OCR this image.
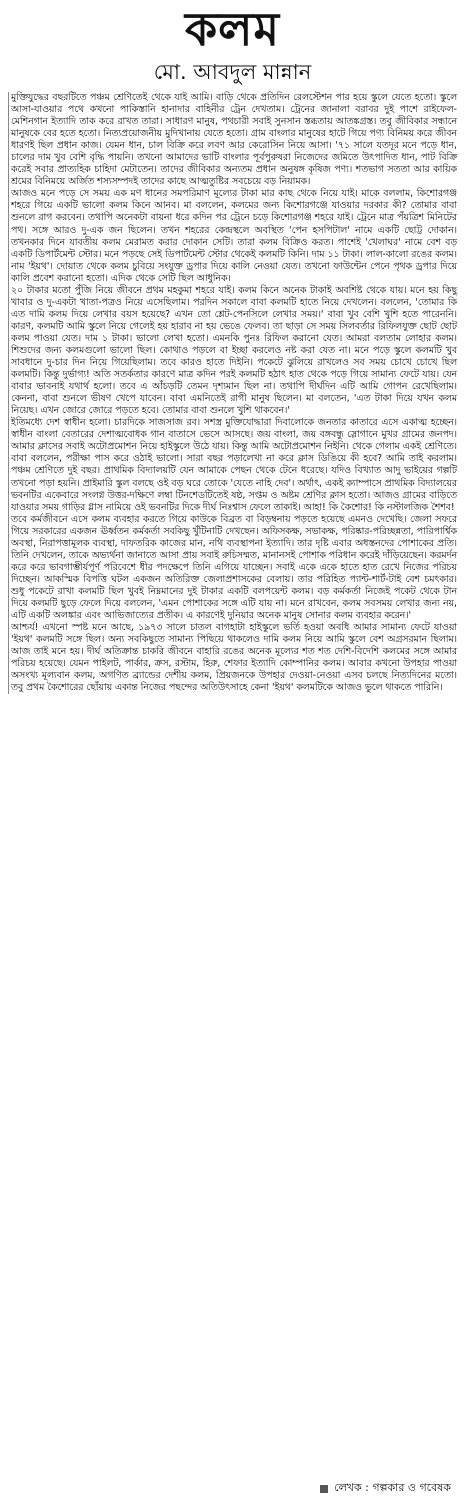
কলম
মো. আবদুল মান্নান

মুক্তিযুদ্ধের বছরটিতে পঞ্চম শ্রেণিতেই থেকে যাই আমি। বাড়ি থেকে প্রতিদিন রেলস্টেশন পার হয়ে স্কুলে যেতে হতো। স্কুলে আসা-যাওয়ার পথে কখনো পাকিস্তানি হানাদার বাহিনীর ট্রেন দেখতাম। ট্রেনের জানালা বরাবর দুই পাশে রাইফেল-মেশিনগান ইত্যাদি তাক করে রাখত তারা। সাধারণ মানুষ, পথচারী সবাই সুনসান স্তব্ধতায় আতঙ্কগ্রস্ত। তবু জীবিকার সন্ধানে মানুষকে বের হতে হতো। নিত্যপ্রয়োজনীয় মুদিখানায় যেতে হতো। গ্রাম বাংলার মানুষের হাটে গিয়ে পণ্য বিনিময় করে জীবন ধারণই ছিল প্রধান কাজ। যেমন ধান, চাল বিক্রি করে লবণ আর কেরোসিন নিয়ে আসা। '৭১ সালে যতদূর মনে পড়ে ধান, চালের দাম খুব বেশি বৃদ্ধি পায়নি। তখনো আমাদের ভাটি বাংলার পূর্বপুরুষরা নিজেদের জমিতে উৎপাদিত ধান, পাট বিক্রি করেই সবার প্রাত্যহিক চাহিদা মেটাতেন। তাদের জীবিকার অন্যতম প্রধান অনুষঙ্গ কৃষিজ পণ্য। শতভাগ সততা আর কায়িক শ্রমের বিনিময়ে অর্জিত শস্যসম্পদই তাদের কাছে আত্মতুষ্টির সবচেয়ে বড় নিয়ামক।

আজও মনে পড়ে সে সময় এক মণ ধানের সমপরিমাণ মূল্যের টাকা মার কাছ থেকে নিয়ে যাই। মাকে বললাম, কিশোরগঞ্জ শহরে গিয়ে একটি ভালো কলম কিনে আনব। মা বললেন, কলমের জন্য কিশোরগঞ্জে যাওয়ার দরকার কী? তোমার বাবা শুনলে রাগ করবেন। তথাপি অনেকটা বায়না ধরে কদিন পর ট্রেনে চড়ে কিশোরগঞ্জ শহরে যাই। ট্রেনে মাত্র পঁয়ত্রিশ মিনিটের পথ। সঙ্গে আরও দু-এক জন ছিলেন। তখন শহরের কেন্দ্রস্থলে অবস্থিত 'পেন হসপিটাল' নামে একটি ছোট্ট দোকান। তখনকার দিনে যাবতীয় কলম মেরামত করার দোকান সেটি। তারা কলম বিক্রিও করত। পাশেই 'খেলাঘর' নামে বেশ বড় একটি ডিপার্টমেন্ট স্টোর। মনে পড়ছে সেই ডিপার্টমেন্ট স্টোর থেকেই কলমটি কিনি। দাম ১১ টাকা। লাল-কালো রঙের কলম। নাম 'ইয়থ'। দোয়াত থেকে কলম চুবিয়ে সংযুক্ত ড্রপার দিয়ে কালি নেওয়া যেত। তখনো ফাউন্টেন পেনে পৃথক ড্রপার দিয়ে কালি প্রবেশ করানো হতো। এদিক থেকে সেটি ছিল আধুনিক।

২০ টাকার মতো পুঁজি নিয়ে জীবনে প্রথম মহকুমা শহরে যাই। কলম কিনে অনেক টাকাই অবশিষ্ট থেকে যায়। মনে হয় কিছু খাবার ও দু-একটা খাতা-পত্রও নিয়ে এসেছিলাম। পরদিন সকালে বাবা কলমটি হাতে নিয়ে দেখলেন। বললেন, 'তোমার কি এত দামি কলম দিয়ে লেখার বয়স হয়েছে? এখন তো শ্লেট-পেনসিলে লেখার সময়।' বাবা খুব বেশি খুশি হতে পারেননি। কারণ, কলমটি আমি স্কুলে নিয়ে গেলেই হয় হারাব না হয় ভেঙে ফেলব। তা ছাড়া সে সময় সিলবর্তার রিফিলযুক্ত ছোট ছোট কলম পাওয়া যেত। দাম ১ টাকা। ভালো লেখা হতো। এমনকি পুনঃ রিফিল করানো যেত। আমরা বলতাম লোহার কলম। শিশুদের জন্য কলমগুলো ভালো ছিল। কোথাও পড়লে বা ইচ্ছা করলেও নষ্ট করা যেত না। মনে পড়ে স্কুলে কলমটি খুব সাবধানে দু-চার দিন নিয়ে গিয়েছিলাম। তবে কারও হাতে দিইনি। পকেটে ঝুলিয়ে রাখলেও সব সময় চোখে চোখে ছিল কলমটি। কিন্তু দুর্ভাগ্য! অতি সতর্কতার কারণে মাত্র কদিন পরই কলমটি হঠাৎ হাত থেকে পড়ে গিয়ে সামান্য ফেটে যায়। যেন বাবার ভাবনাই যথার্থ হলো। তবে এ আঁচড়টি তেমন দৃশ্যমান ছিল না। তথাপি দীর্ঘদিন এটি আমি গোপন রেখেছিলাম। কেননা, বাবা শুনলে ভীষণ খেপে যাবেন। বাবা এমনিতেই রাগী মানুষ ছিলেন। মা বলতেন, 'এত টাকা দিয়ে যখন কলম নিয়েছ। এখন জোরে জোরে পড়তে হবে। তোমার বাবা শুনলে খুশি থাকবেন।'

ইতিমধ্যে দেশ স্বাধীন হলো। চারদিকে সাজসাজ রব। সশস্ত্র মুক্তিযোদ্ধারা দিবালোকে জনতার কাতারে এসে একাত্ম হচ্ছেন। স্বাধীন বাংলা বেতারের দেশাত্মবোধক গান বাতাসে ভেসে আসছে। জয় বাংলা, জয় বঙ্গবন্ধু স্লোগানে মুখর গ্রামের জনপদ। আমার ক্লাসের সবাই অটোপ্রমোশন নিয়ে হাইস্কুলে উঠে যায়। কিন্তু আমি অটোপ্রমোশন নিইনি। থেকে গেলাম একই শ্রেণিতে। বাবা বললেন, পরীক্ষা পাস করে ওঠাই ভালো। সারা বছর পড়ালেখা না করে ক্লাস ডিঙিয়ে কী হবে? আমি তাই করলাম। পঞ্চম শ্রেণিতে দুই বছর। প্রাথমিক বিদ্যালয়টি যেন আমাকে পেছন থেকে টেনে ধরেছে। যদিও বিখ্যাত আদু ভাইয়ের গল্পটি তখনো পড়া হয়নি। প্রাইমারি স্কুল বলছে ওই বড় ঘরে তোকে 'যেতে নাহি দেব'। অর্থাৎ, একই ক্যাম্পাসে প্রাথমিক বিদ্যালয়ের ভবনটির একেবারে সংলগ্ন উত্তর-দক্ষিণে লম্বা টিনশেডটিতেই ষষ্ঠ, সপ্তম ও অষ্টম শ্রেণির ক্লাস হতো। আজও গ্রামের বাড়িতে যাওয়ার সময় গাড়ির গ্লাস নামিয়ে ওই ভবনটির দিকে দীর্ঘ নিঃশ্বাস ফেলে তাকাই। আহা! কি কৈশোর! কি নস্টালজিক শৈশব!

তবে কর্মজীবনে এসে কলম ব্যবহার করতে গিয়ে কাউকে বিব্রত বা বিড়ম্বনায় পড়তে হয়েছে এমনও দেখেছি। জেলা সফরে গিয়ে সরকারের একজন ঊর্ধ্বতন কর্মকর্তা সবকিছু খুঁটিনাটি দেখছেন। অফিসকক্ষ, সভাকক্ষ, পরিষ্কার-পরিচ্ছন্নতা, পারিপার্শ্বিক অবস্থা, নিরাপত্তামূলক ব্যবস্থা, দাফতরিক কাজের মান, নথি ব্যবস্থাপনা ইত্যাদি। তার দৃষ্টি এবার অধস্তনদের পোশাকের প্রতি। তিনি দেখলেন, তাকে অভ্যর্থনা জানাতে আসা প্রায় সবাই রুচিসম্মত, মানানসই পোশাক পরিধান করেই দাঁড়িয়েছেন। করমর্দন করে করে ভাবগাম্ভীর্যপূর্ণ পরিবেশে ধীর পদক্ষেপে তিনি এগিয়ে যাচ্ছেন। সবাই একে একে হাতে হাত রেখে নিজের পরিচয় দিচ্ছেন। আকস্মিক বিপত্তি ঘটল একজন অতিরিক্ত জেলাপ্রশাসকের বেলায়। তার পরিহিত প্যান্ট-শার্ট-টাই বেশ চমৎকার। শুধু পকেটে রাখা কলমটি ছিল খুবই নিম্নমানের দুই টাকার একটি বলপয়েন্ট কলম। বড় কর্মকর্তা নিজেই পকেট থেকে টান দিয়ে কলমটি ছুড়ে ফেলে দিয়ে বললেন, 'এমন পোশাকের সঙ্গে এটি যায় না। মনে রাখবেন, কলম সবসময় লেখার জন্য নয়, এটি একটি অলঙ্কার এবং আভিজাত্যের প্রতীক। এ কারণেই দুনিয়ার অনেক মানুষ সোনার কলম ব্যবহার করেন।'

আশ্চর্য! এখনো স্পষ্ট মনে আছে, ১৯৭৩ সালে চাতল বাগহাটা হাইস্কুলে ভর্তি হওয়া অবধি আমার সামান্য ফেটে যাওয়া 'ইয়থ' কলমটি সঙ্গে ছিল। অন্য সবকিছুতে সামান্য পিছিয়ে থাকলেও দামি কলম নিয়ে আমি স্কুলে বেশ অগ্রসরমান ছিলাম। আজ তাই মনে হয়। দীর্ঘ অতিক্রান্ত চাকরি জীবনে বাহারি রঙের অনেক মূল্যের শত শত দেশি-বিদেশি কলমের সঙ্গে আমার পরিচয় হয়েছে। যেমন পাইলট, পার্কার, ক্রস, রস্টাম, হিরু, শেফার ইত্যাদি কোম্পানির কলম। আবার কখনো উপহার পাওয়া অসংখ্য মূল্যবান কলম, অগণিত ব্র্যান্ডের দেশীয় কলম, প্রিয়জনকে উপহার দেওয়া-নেওয়া এসব চলছে নিত্যদিনের মতো। তবু প্রথম কৈশোরের ছোঁয়ায় একান্ত নিজের পছন্দের অতিউৎসাহে কেনা 'ইয়থ' কলমটিকে আজও ভুলে থাকতে পারিনি।

লেখক : গল্পকার ও গবেষক
